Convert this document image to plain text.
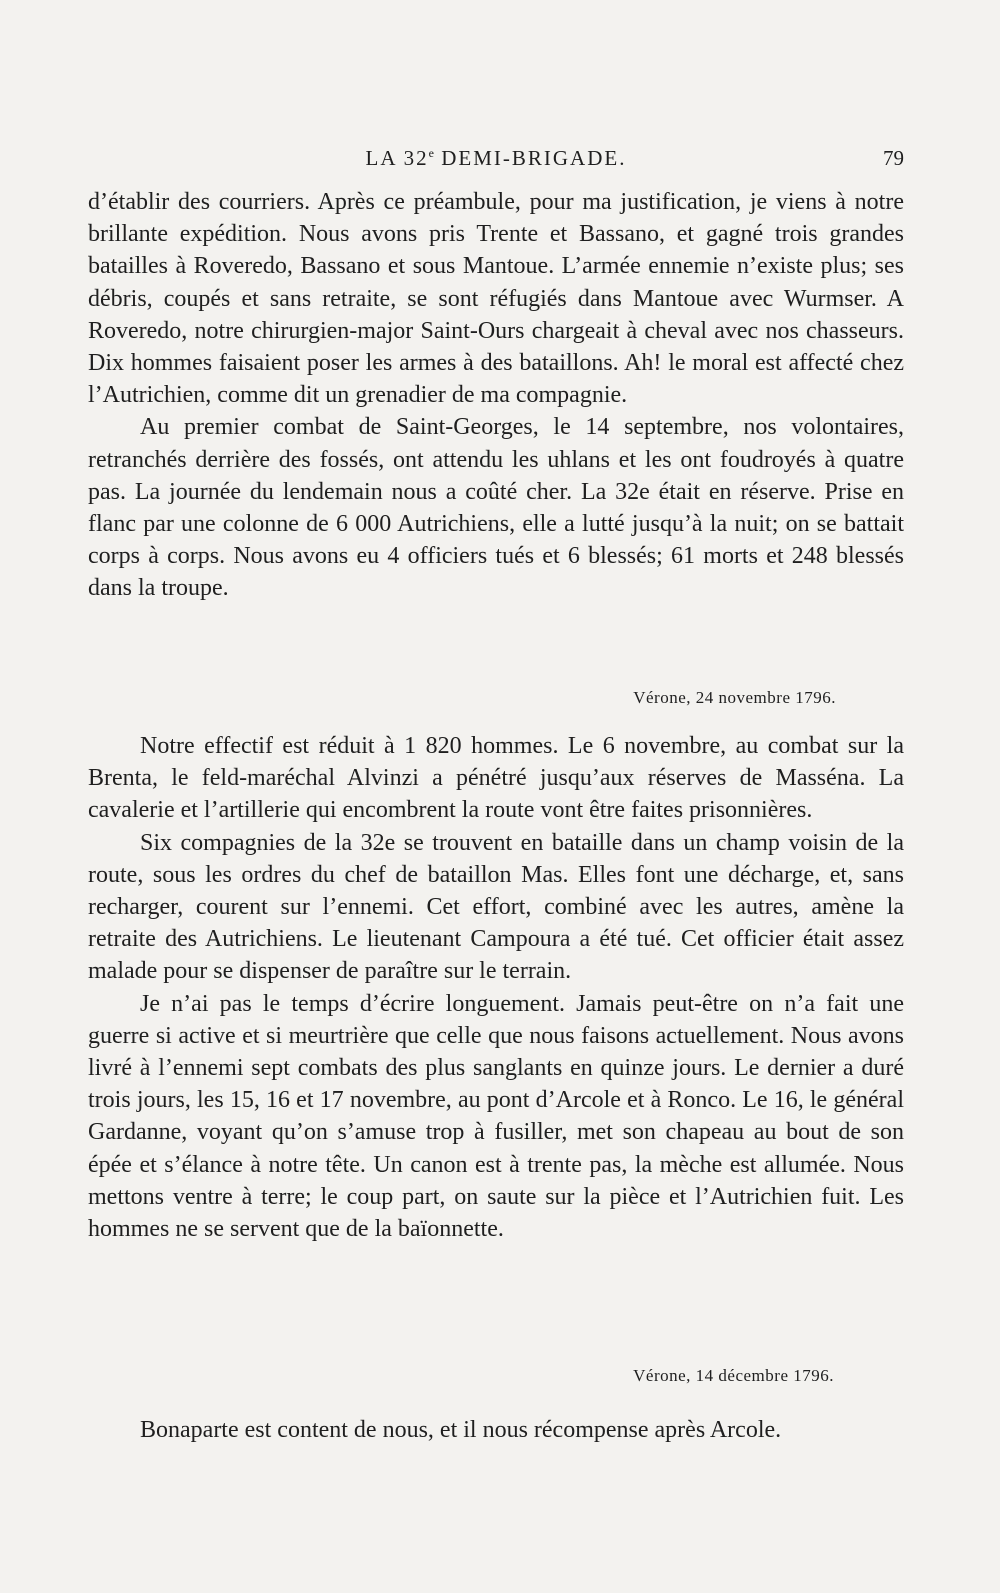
LA 32e DEMI-BRIGADE.	79

d’établir des courriers. Après ce préambule, pour ma justification, je viens à notre brillante expédition. Nous avons pris Trente et Bassano, et gagné trois grandes batailles à Roveredo, Bassano et sous Mantoue. L’armée ennemie n’existe plus; ses débris, coupés et sans retraite, se sont réfugiés dans Mantoue avec Wurmser. A Roveredo, notre chirurgien-major Saint-Ours chargeait à cheval avec nos chasseurs. Dix hommes faisaient poser les armes à des bataillons. Ah! le moral est affecté chez l’Autrichien, comme dit un grenadier de ma compagnie.

Au premier combat de Saint-Georges, le 14 septembre, nos volontaires, retranchés derrière des fossés, ont attendu les uhlans et les ont foudroyés à quatre pas. La journée du lendemain nous a coûté cher. La 32e était en réserve. Prise en flanc par une colonne de 6 000 Autrichiens, elle a lutté jusqu’à la nuit; on se battait corps à corps. Nous avons eu 4 officiers tués et 6 blessés; 61 morts et 248 blessés dans la troupe.

Vérone, 24 novembre 1796.

Notre effectif est réduit à 1 820 hommes. Le 6 novembre, au combat sur la Brenta, le feld-maréchal Alvinzi a pénétré jusqu’aux réserves de Masséna. La cavalerie et l’artillerie qui encombrent la route vont être faites prisonnières.

Six compagnies de la 32e se trouvent en bataille dans un champ voisin de la route, sous les ordres du chef de bataillon Mas. Elles font une décharge, et, sans recharger, courent sur l’ennemi. Cet effort, combiné avec les autres, amène la retraite des Autrichiens. Le lieutenant Campoura a été tué. Cet officier était assez malade pour se dispenser de paraître sur le terrain.

Je n’ai pas le temps d’écrire longuement. Jamais peut-être on n’a fait une guerre si active et si meurtrière que celle que nous faisons actuellement. Nous avons livré à l’ennemi sept combats des plus sanglants en quinze jours. Le dernier a duré trois jours, les 15, 16 et 17 novembre, au pont d’Arcole et à Ronco. Le 16, le général Gardanne, voyant qu’on s’amuse trop à fusiller, met son chapeau au bout de son épée et s’élance à notre tête. Un canon est à trente pas, la mèche est allumée. Nous mettons ventre à terre; le coup part, on saute sur la pièce et l’Autrichien fuit. Les hommes ne se servent que de la baïonnette.

Vérone, 14 décembre 1796.

Bonaparte est content de nous, et il nous récompense après Arcole.
